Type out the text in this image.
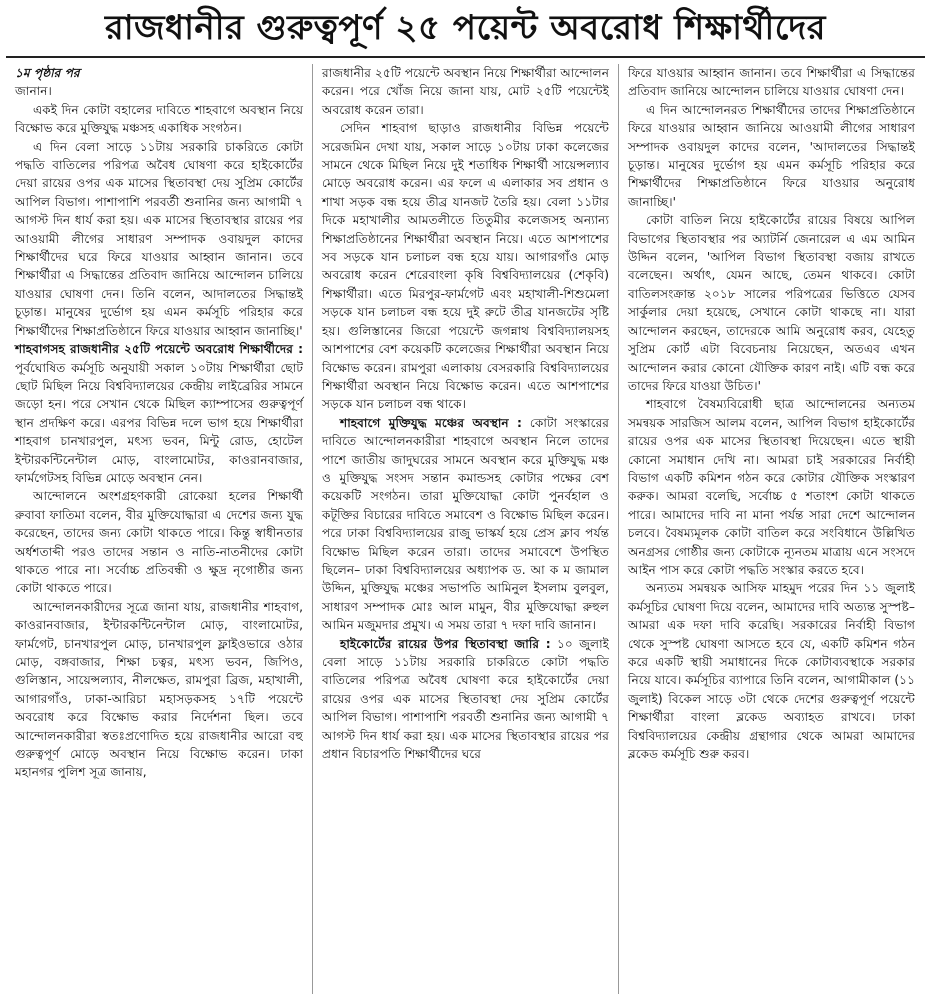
রাজধানীর গুরুত্বপূর্ণ ২৫ পয়েন্ট অবরোধ শিক্ষার্থীদের

১ম পৃষ্ঠার পর

জানান।

একই দিন কোটা বহালের দাবিতে শাহবাগে অবস্থান নিয়ে বিক্ষোভ করে মুক্তিযুদ্ধ মঞ্চসহ একাধিক সংগঠন।

এ দিন বেলা সাড়ে ১১টায় সরকারি চাকরিতে কোটা পদ্ধতি বাতিলের পরিপত্র অবৈধ ঘোষণা করে হাইকোর্টের দেয়া রায়ের ওপর এক মাসের স্থিতাবস্থা দেয় সুপ্রিম কোর্টের আপিল বিভাগ। পাশাপাশি পরবর্তী শুনানির জন্য আগামী ৭ আগস্ট দিন ধার্য করা হয়। এক মাসের স্থিতাবস্থার রায়ের পর আওয়ামী লীগের সাধারণ সম্পাদক ওবায়দুল কাদের শিক্ষার্থীদের ঘরে ফিরে যাওয়ার আহ্বান জানান। তবে শিক্ষার্থীরা এ সিদ্ধান্তের প্রতিবাদ জানিয়ে আন্দোলন চালিয়ে যাওয়ার ঘোষণা দেন। তিনি বলেন, আদালতের সিদ্ধান্তই চূড়ান্ত। মানুষের দুর্ভোগ হয় এমন কর্মসূচি পরিহার করে শিক্ষার্থীদের শিক্ষাপ্রতিষ্ঠানে ফিরে যাওয়ার আহ্বান জানাচ্ছি।'

শাহবাগসহ রাজধানীর ২৫টি পয়েন্টে অবরোধ শিক্ষার্থীদের : পূর্বঘোষিত কর্মসূচি অনুযায়ী সকাল ১০টায় শিক্ষার্থীরা ছোট ছোট মিছিল নিয়ে বিশ্ববিদ্যালয়ের কেন্দ্রীয় লাইব্রেরির সামনে জড়ো হন। পরে সেখান থেকে মিছিল ক্যাম্পাসের গুরুত্বপূর্ণ স্থান প্রদক্ষিণ করে। এরপর বিভিন্ন দলে ভাগ হয়ে শিক্ষার্থীরা শাহবাগ চানখারপুল, মৎস্য ভবন, মিন্টু রোড, হোটেল ইন্টারকন্টিনেন্টাল মোড়, বাংলামোটর, কাওরানবাজার, ফার্মগেটসহ বিভিন্ন মোড়ে অবস্থান নেন।

আন্দোলনে অংশগ্রহণকারী রোকেয়া হলের শিক্ষার্থী রুবাবা ফাতিমা বলেন, বীর মুক্তিযোদ্ধারা এ দেশের জন্য যুদ্ধ করেছেন, তাদের জন্য কোটা থাকতে পারে। কিন্তু স্বাধীনতার অর্ধশতাব্দী পরও তাদের সন্তান ও নাতি-নাতনীদের কোটা থাকতে পারে না। সর্বোচ্চ প্রতিবন্ধী ও ক্ষুদ্র নৃগোষ্ঠীর জন্য কোটা থাকতে পারে।

আন্দোলনকারীদের সূত্রে জানা যায়, রাজধানীর শাহবাগ, কাওরানবাজার, ইন্টারকন্টিনেন্টাল মোড়, বাংলামোটর, ফার্মগেট, চানখারপুল মোড়, চানখারপুল ফ্লাইওভারে ওঠার মোড়, বঙ্গবাজার, শিক্ষা চত্বর, মৎস্য ভবন, জিপিও, গুলিস্তান, সায়েন্সল্যাব, নীলক্ষেত, রামপুরা ব্রিজ, মহাখালী, আগারগাঁও, ঢাকা-আরিচা মহাসড়কসহ ১৭টি পয়েন্টে অবরোধ করে বিক্ষোভ করার নির্দেশনা ছিল। তবে আন্দোলনকারীরা স্বতঃপ্রণোদিত হয়ে রাজধানীর আরো বহু গুরুত্বপূর্ণ মোড়ে অবস্থান নিয়ে বিক্ষোভ করেন। ঢাকা মহানগর পুলিশ সূত্র জানায়,

রাজধানীর ২৫টি পয়েন্টে অবস্থান নিয়ে শিক্ষার্থীরা আন্দোলন করেন। পরে খোঁজ নিয়ে জানা যায়, মোট ২৫টি পয়েন্টেই অবরোধ করেন তারা।

সেদিন শাহবাগ ছাড়াও রাজধানীর বিভিন্ন পয়েন্টে সরেজমিন দেখা যায়, সকাল সাড়ে ১০টায় ঢাকা কলেজের সামনে থেকে মিছিল নিয়ে দুই শতাধিক শিক্ষার্থী সায়েন্সল্যাব মোড়ে অবরোধ করেন। এর ফলে এ এলাকার সব প্রধান ও শাখা সড়ক বন্ধ হয়ে তীব্র যানজট তৈরি হয়। বেলা ১১টার দিকে মহাখালীর আমতলীতে তিতুমীর কলেজসহ অন্যান্য শিক্ষাপ্রতিষ্ঠানের শিক্ষার্থীরা অবস্থান নিয়ে। এতে আশপাশের সব সড়কে যান চলাচল বন্ধ হয়ে যায়। আগারগাঁও মোড় অবরোধ করেন শেরেবাংলা কৃষি বিশ্ববিদ্যালয়ের (শেকৃবি) শিক্ষার্থীরা। এতে মিরপুর-ফার্মগেট এবং মহাখালী-শিশুমেলা সড়কে যান চলাচল বন্ধ হয়ে দুই রুটে তীব্র যানজটের সৃষ্টি হয়। গুলিস্তানের জিরো পয়েন্টে জগন্নাথ বিশ্ববিদ্যালয়সহ আশপাশের বেশ কয়েকটি কলেজের শিক্ষার্থীরা অবস্থান নিয়ে বিক্ষোভ করেন। রামপুরা এলাকায় বেসরকারি বিশ্ববিদ্যালয়ের শিক্ষার্থীরা অবস্থান নিয়ে বিক্ষোভ করেন। এতে আশপাশের সড়কে যান চলাচল বন্ধ থাকে।

শাহবাগে মুক্তিযুদ্ধ মঞ্চের অবস্থান : কোটা সংস্কারের দাবিতে আন্দোলনকারীরা শাহবাগে অবস্থান নিলে তাদের পাশে জাতীয় জাদুঘরের সামনে অবস্থান করে মুক্তিযুদ্ধ মঞ্চ ও মুক্তিযুদ্ধ সংসদ সন্তান কমান্ডসহ কোটার পক্ষের বেশ কয়েকটি সংগঠন। তারা মুক্তিযোদ্ধা কোটা পুনর্বহাল ও কটূক্তির বিচারের দাবিতে সমাবেশ ও বিক্ষোভ মিছিল করেন। পরে ঢাকা বিশ্ববিদ্যালয়ের রাজু ভাস্কর্য হয়ে প্রেস ক্লাব পর্যন্ত বিক্ষোভ মিছিল করেন তারা। তাদের সমাবেশে উপস্থিত ছিলেন– ঢাকা বিশ্ববিদ্যালয়ের অধ্যাপক ড. আ ক ম জামাল উদ্দিন, মুক্তিযুদ্ধ মঞ্চের সভাপতি আমিনুল ইসলাম বুলবুল, সাধারণ সম্পাদক মোঃ আল মামুন, বীর মুক্তিযোদ্ধা রুহুল আমিন মজুমদার প্রমুখ। এ সময় তারা ৭ দফা দাবি জানান।

হাইকোর্টের রায়ের উপর স্থিতাবস্থা জারি : ১০ জুলাই বেলা সাড়ে ১১টায় সরকারি চাকরিতে কোটা পদ্ধতি বাতিলের পরিপত্র অবৈধ ঘোষণা করে হাইকোর্টের দেয়া রায়ের ওপর এক মাসের স্থিতাবস্থা দেয় সুপ্রিম কোর্টের আপিল বিভাগ। পাশাপাশি পরবর্তী শুনানির জন্য আগামী ৭ আগস্ট দিন ধার্য করা হয়। এক মাসের স্থিতাবস্থার রায়ের পর প্রধান বিচারপতি শিক্ষার্থীদের ঘরে

ফিরে যাওয়ার আহ্বান জানান। তবে শিক্ষার্থীরা এ সিদ্ধান্তের প্রতিবাদ জানিয়ে আন্দোলন চালিয়ে যাওয়ার ঘোষণা দেন।

এ দিন আন্দোলনরত শিক্ষার্থীদের তাদের শিক্ষাপ্রতিষ্ঠানে ফিরে যাওয়ার আহ্বান জানিয়ে আওয়ামী লীগের সাধারণ সম্পাদক ওবায়দুল কাদের বলেন, 'আদালতের সিদ্ধান্তই চূড়ান্ত। মানুষের দুর্ভোগ হয় এমন কর্মসূচি পরিহার করে শিক্ষার্থীদের শিক্ষাপ্রতিষ্ঠানে ফিরে যাওয়ার অনুরোধ জানাচ্ছি।'

কোটা বাতিল নিয়ে হাইকোর্টের রায়ের বিষয়ে আপিল বিভাগের স্থিতাবস্থার পর অ্যাটর্নি জেনারেল এ এম আমিন উদ্দিন বলেন, 'আপিল বিভাগ স্থিতাবস্থা বজায় রাখতে বলেছেন। অর্থাৎ, যেমন আছে, তেমন থাকবে। কোটা বাতিলসংক্রান্ত ২০১৮ সালের পরিপত্রের ভিত্তিতে যেসব সার্কুলার দেয়া হয়েছে, সেখানে কোটা থাকছে না। যারা আন্দোলন করছেন, তাদেরকে আমি অনুরোধ করব, যেহেতু সুপ্রিম কোর্ট এটা বিবেচনায় নিয়েছেন, অতএব এখন আন্দোলন করার কোনো যৌক্তিক কারণ নাই। এটি বন্ধ করে তাদের ফিরে যাওয়া উচিত।'

শাহবাগে বৈষম্যবিরোধী ছাত্র আন্দোলনের অন্যতম সমন্বয়ক সারজিস আলম বলেন, আপিল বিভাগ হাইকোর্টের রায়ের ওপর এক মাসের স্থিতাবস্থা দিয়েছেন। এতে স্থায়ী কোনো সমাধান দেখি না। আমরা চাই সরকারের নির্বাহী বিভাগ একটি কমিশন গঠন করে কোটার যৌক্তিক সংস্কারণ করুক। আমরা বলেছি, সর্বোচ্চ ৫ শতাংশ কোটা থাকতে পারে। আমাদের দাবি না মানা পর্যন্ত সারা দেশে আন্দোলন চলবে। বৈষম্যমূলক কোটা বাতিল করে সংবিধানে উল্লিখিত অনগ্রসর গোষ্ঠীর জন্য কোটাকে ন্যূনতম মাত্রায় এনে সংসদে আইন পাস করে কোটা পদ্ধতি সংস্কার করতে হবে।

অন্যতম সমন্বয়ক আসিফ মাহমুদ পরের দিন ১১ জুলাই কর্মসূচির ঘোষণা দিয়ে বলেন, আমাদের দাবি অত্যন্ত সুস্পষ্ট– আমরা এক দফা দাবি করেছি। সরকারের নির্বাহী বিভাগ থেকে সুস্পষ্ট ঘোষণা আসতে হবে যে, একটি কমিশন গঠন করে একটি স্থায়ী সমাধানের দিকে কোটাব্যবস্থাকে সরকার নিয়ে যাবে। কর্মসূচির ব্যাপারে তিনি বলেন, আগামীকাল (১১ জুলাই) বিকেল সাড়ে ৩টা থেকে দেশের গুরুত্বপূর্ণ পয়েন্টে শিক্ষার্থীরা বাংলা ব্লকেড অব্যাহত রাখবে। ঢাকা বিশ্ববিদ্যালয়ের কেন্দ্রীয় গ্রন্থাগার থেকে আমরা আমাদের ব্লকেড কর্মসূচি শুরু করব।
